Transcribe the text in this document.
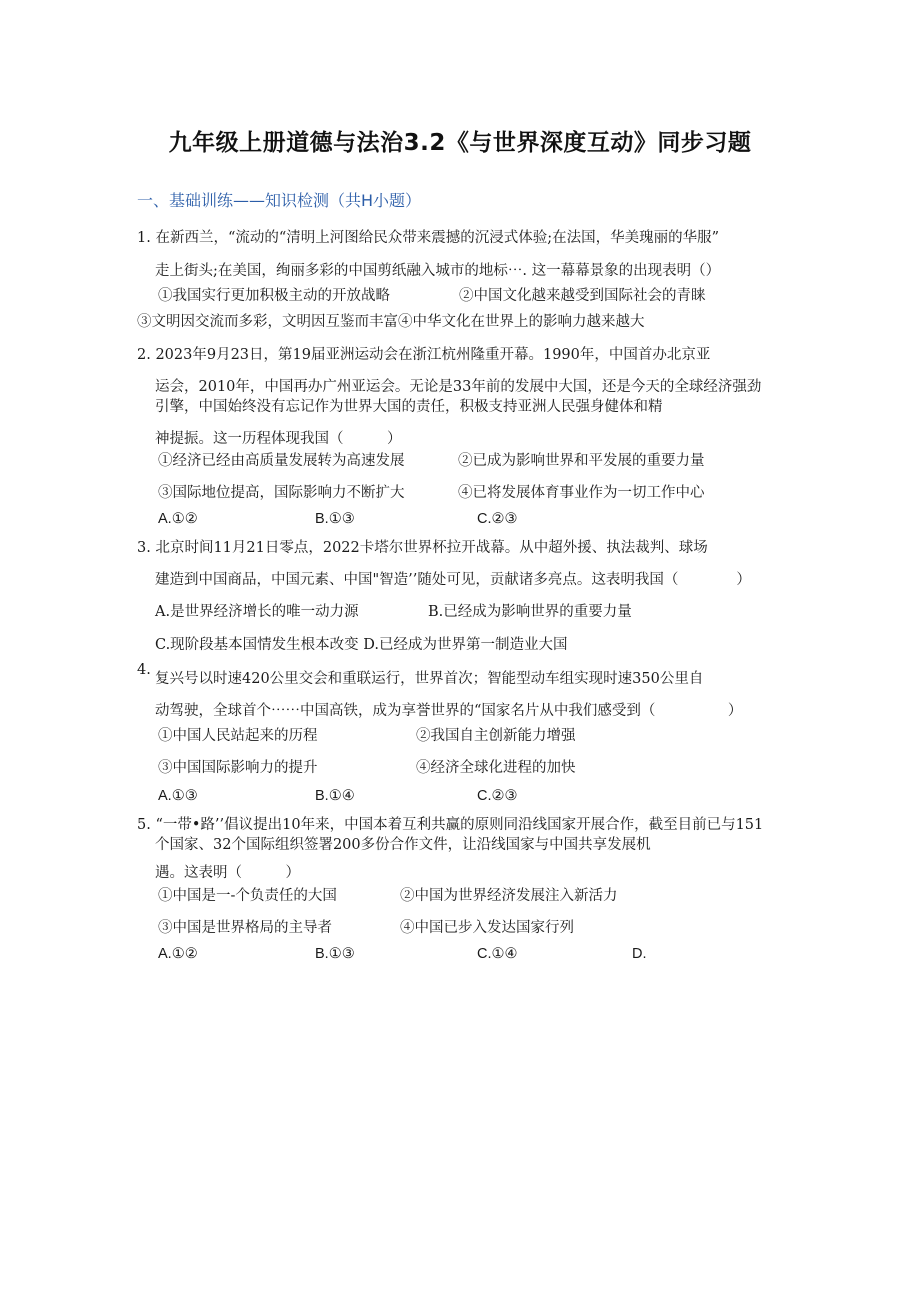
九年级上册道德与法治3.2《与世界深度互动》同步习题
一、基础训练——知识检测（共H小题）
1. 在新西兰，“流动的“清明上河图给民众带来震撼的沉浸式体验;在法国，华美瑰丽的华服”
走上街头;在美国，绚丽多彩的中国剪纸融入城市的地标⋯. 这一幕幕景象的出现表明（）
①我国实行更加积极主动的开放战略	②中国文化越来越受到国际社会的青睐
③文明因交流而多彩，文明因互鉴而丰富④中华文化在世界上的影响力越来越大
2. 2023年9月23日，第19届亚洲运动会在浙江杭州隆重开幕。1990年，中国首办北京亚
运会，2010年，中国再办广州亚运会。无论是33年前的发展中大国，还是今天的全球经济强劲
引擎，中国始终没有忘记作为世界大国的责任，积极支持亚洲人民强身健体和精
神提振。这一历程体现我国（　　　）
①经济已经由高质量发展转为高速发展	②已成为影响世界和平发展的重要力量
③国际地位提高，国际影响力不断扩大	④已将发展体育事业作为一切工作中心
A.①②	B.①③	C.②③
3. 北京时间11月21日零点，2022卡塔尔世界杯拉开战幕。从中超外援、执法裁判、球场
建造到中国商品，中国元素、中国"智造’’随处可见，贡献诸多亮点。这表明我国（　　　　）
A.是世界经济增长的唯一动力源	B.已经成为影响世界的重要力量
C.现阶段基本国情发生根本改变 D.已经成为世界第一制造业大国
4.
复兴号以时速420公里交会和重联运行，世界首次；智能型动车组实现时速350公里自
动驾驶，全球首个⋯⋯中国高铁，成为享誉世界的“国家名片从中我们感受到（　　　　　）
①中国人民站起来的历程	②我国自主创新能力增强
③中国国际影响力的提升	④经济全球化进程的加快
A.①③	B.①④	C.②③
5. “一带•路’’倡议提出10年来，中国本着互利共赢的原则同沿线国家开展合作，截至目前已与151
个国家、32个国际组织签署200多份合作文件，让沿线国家与中国共享发展机
遇。这表明（　　　）
①中国是一-个负责任的大国	②中国为世界经济发展注入新活力
③中国是世界格局的主导者	④中国已步入发达国家行列
A.①②	B.①③	C.①④	D.
